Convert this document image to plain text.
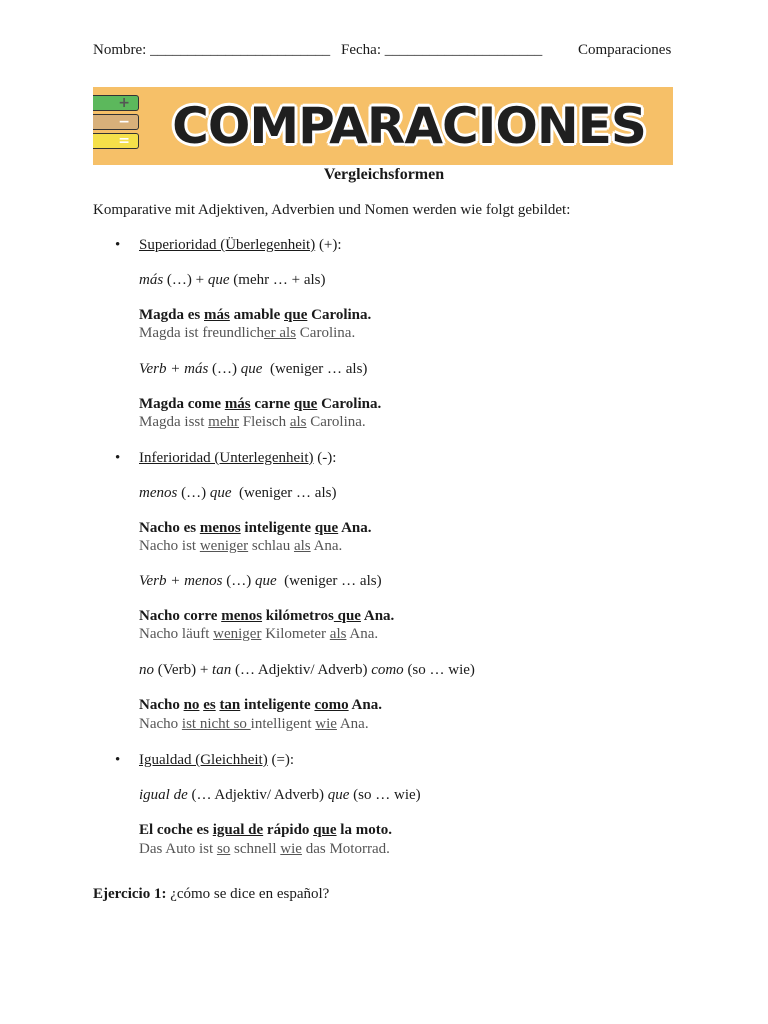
Nombre: ________________________ Fecha: _____________________ Comparaciones
+
−
= COMPARACIONES
Vergleichsformen
Komparative mit Adjektiven, Adverbien und Nomen werden wie folgt gebildet:
• Superioridad (Überlegenheit) (+):
más (…) + que (mehr … + als)
Magda es más amable que Carolina.
Magda ist freundlicher als Carolina.
Verb + más (…) que  (weniger … als)
Magda come más carne que Carolina.
Magda isst mehr Fleisch als Carolina.
• Inferioridad (Unterlegenheit) (-):
menos (…) que  (weniger … als)
Nacho es menos inteligente que Ana.
Nacho ist weniger schlau als Ana.
Verb + menos (…) que  (weniger … als)
Nacho corre menos kilómetros que Ana.
Nacho läuft weniger Kilometer als Ana.
no (Verb) + tan (… Adjektiv/ Adverb) como (so … wie)
Nacho no es tan inteligente como Ana.
Nacho ist nicht so intelligent wie Ana.
• Igualdad (Gleichheit) (=):
igual de (… Adjektiv/ Adverb) que (so … wie)
El coche es igual de rápido que la moto.
Das Auto ist so schnell wie das Motorrad.
Ejercicio 1: ¿cómo se dice en español?
